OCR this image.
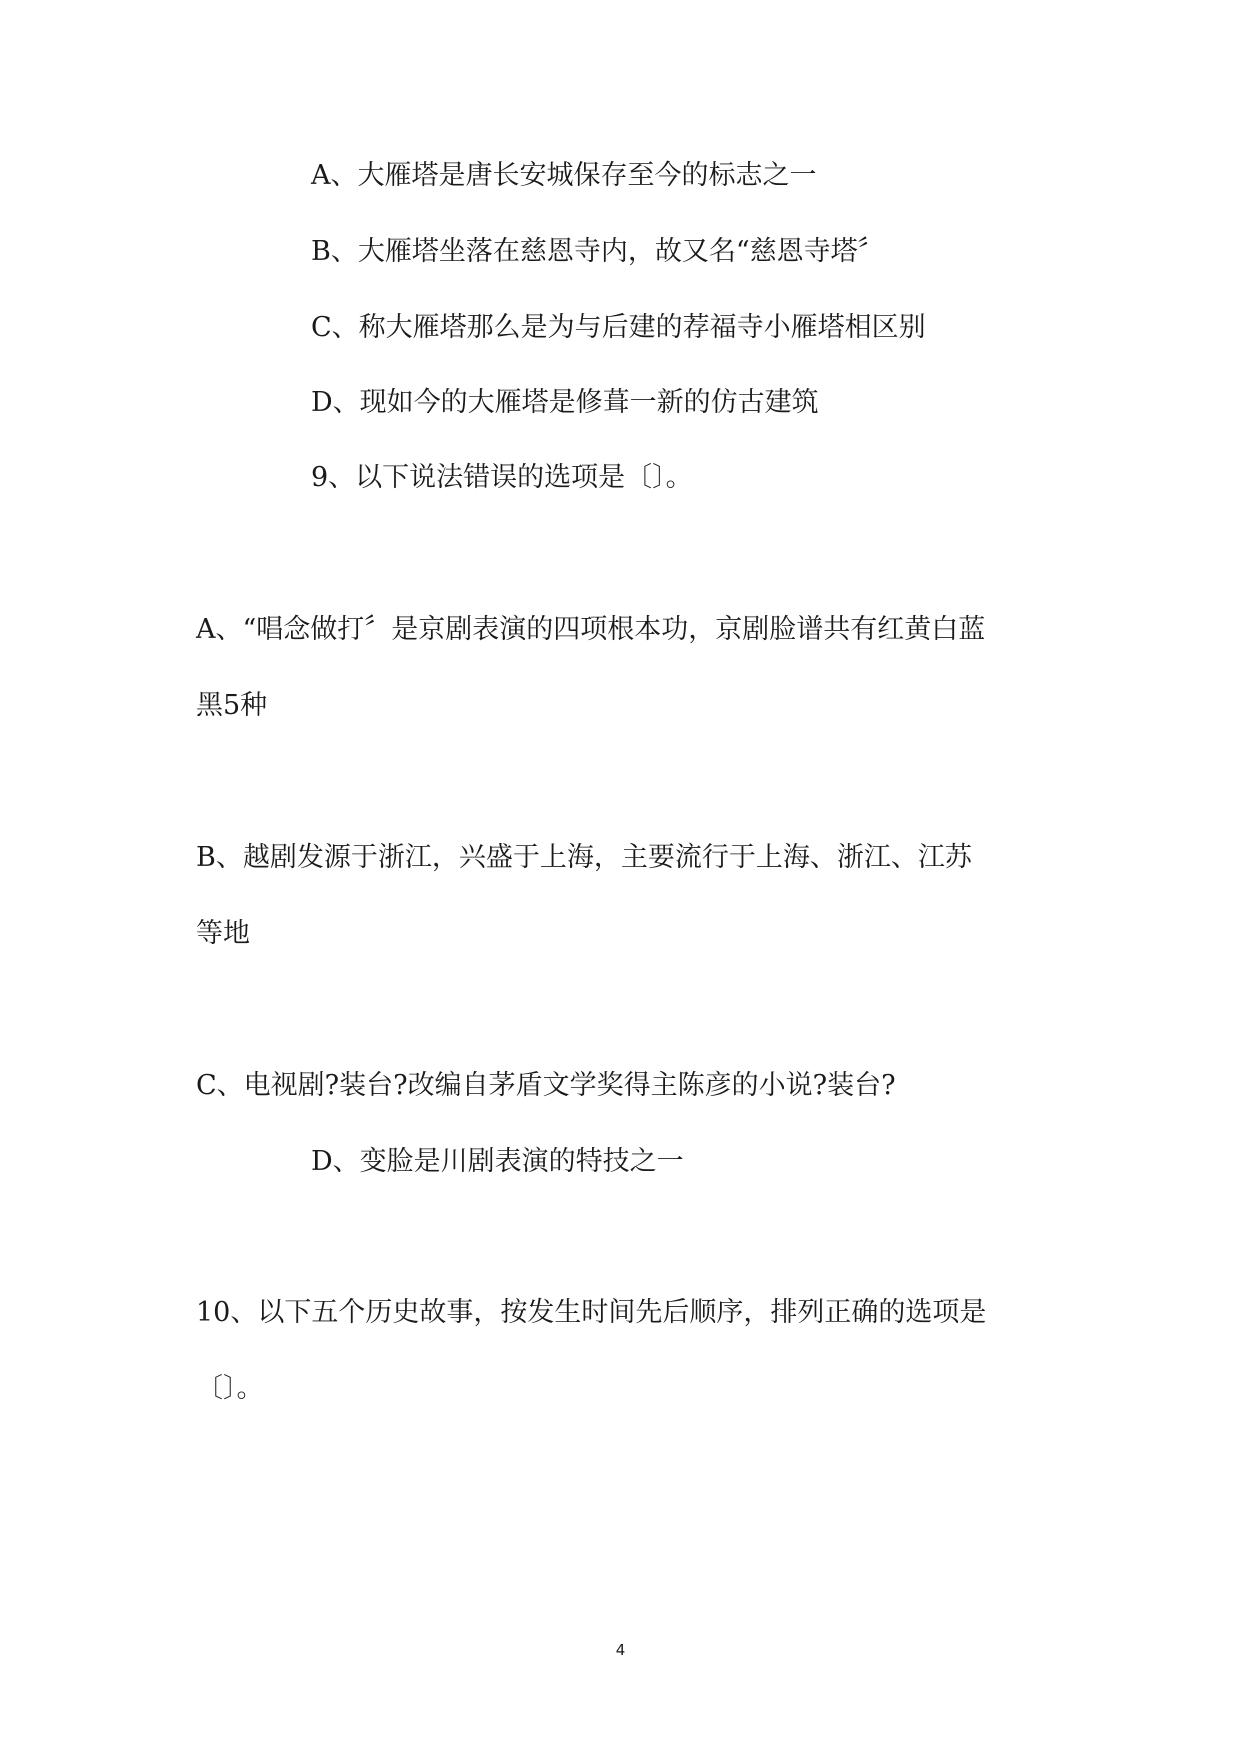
A、大雁塔是唐长安城保存至今的标志之一
B、大雁塔坐落在慈恩寺内，故又名“慈恩寺塔〞
C、称大雁塔那么是为与后建的荐福寺小雁塔相区别
D、现如今的大雁塔是修葺一新的仿古建筑
9、以下说法错误的选项是〔〕。
A、“唱念做打〞是京剧表演的四项根本功，京剧脸谱共有红黄白蓝
黑5种
B、越剧发源于浙江，兴盛于上海，主要流行于上海、浙江、江苏
等地
C、电视剧?装台?改编自茅盾文学奖得主陈彦的小说?装台?
D、变脸是川剧表演的特技之一
10、以下五个历史故事，按发生时间先后顺序，排列正确的选项是
〔〕。
4
